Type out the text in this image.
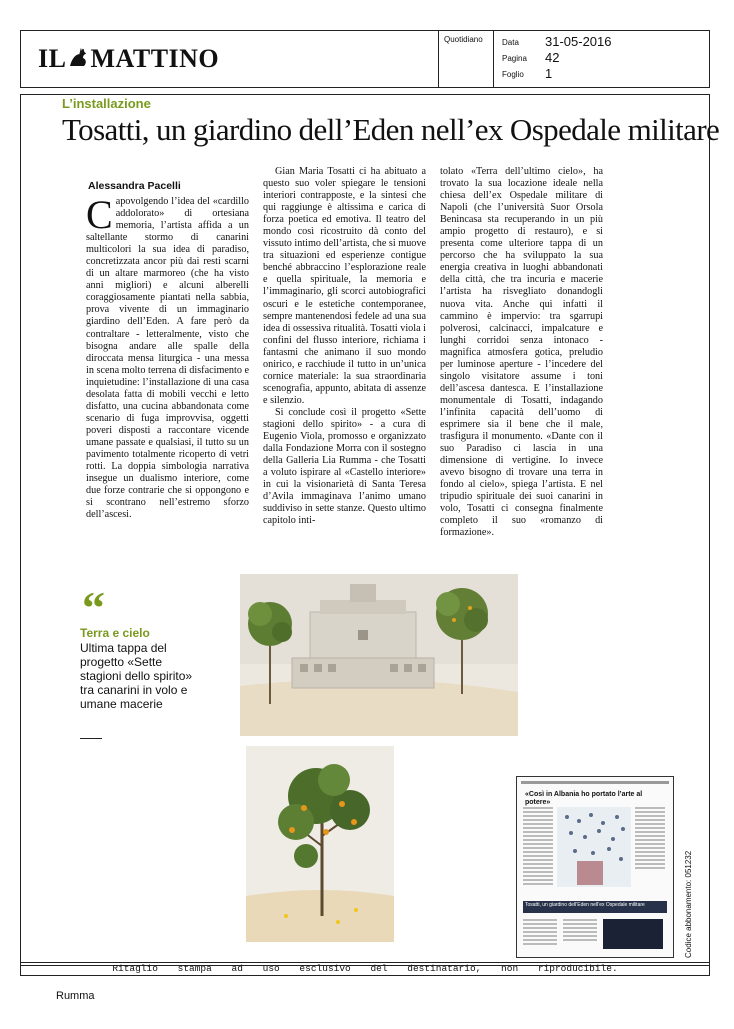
IL MATTINO
Quotidiano Data 31-05-2016
Pagina 42
Foglio 1
L’installazione
Tosatti, un giardino dell’Eden nell’ex Ospedale militare
Alessandra Pacelli

Capovolgendo l’idea del «cardillo addolorato» di ortesiana memoria, l’artista affida a un saltellante stormo di canarini multicolori la sua idea di paradiso, concretizzata ancor più dai resti scarni di un altare marmoreo (che ha visto anni migliori) e alcuni alberelli coraggiosamente piantati nella sabbia, prova vivente di un immaginario giardino dell’Eden. A fare però da contraltare - letteralmente, visto che bisogna andare alle spalle della diroccata mensa liturgica - una messa in scena molto terrena di disfacimento e inquietudine: l’installazione di una casa desolata fatta di mobili vecchi e letto disfatto, una cucina abbandonata come scenario di fuga improvvisa, oggetti poveri disposti a raccontare vicende umane passate e qualsiasi, il tutto su un pavimento totalmente ricoperto di vetri rotti. La doppia simbologia narrativa insegue un dualismo interiore, come due forze contrarie che si oppongono e si scontrano nell’estremo sforzo dell’ascesi.

Gian Maria Tosatti ci ha abituato a questo suo voler spiegare le tensioni interiori contrapposte, e la sintesi che qui raggiunge è altissima e carica di forza poetica ed emotiva. Il teatro del mondo così ricostruito dà conto del vissuto intimo dell’artista, che si muove tra situazioni ed esperienze contigue benché abbraccino l’esplorazione reale e quella spirituale, la memoria e l’immaginario, gli scorci autobiografici oscuri e le estetiche contemporanee, sempre mantenendosi fedele ad una sua idea di ossessiva ritualità. Tosatti viola i confini del flusso interiore, richiama i fantasmi che animano il suo mondo onirico, e racchiude il tutto in un’unica cornice materiale: la sua straordinaria scenografia, appunto, abitata di assenze e silenzio.

Si conclude così il progetto «Sette stagioni dello spirito» - a cura di Eugenio Viola, promosso e organizzato dalla Fondazione Morra con il sostegno della Galleria Lia Rumma - che Tosatti a voluto ispirare al «Castello interiore» in cui la visionarietà di Santa Teresa d’Avila immaginava l’animo umano suddiviso in sette stanze. Questo ultimo capitolo inti-

tolato «Terra dell’ultimo cielo», ha trovato la sua locazione ideale nella chiesa dell’ex Ospedale militare di Napoli (che l’università Suor Orsola Benincasa sta recuperando in un più ampio progetto di restauro), e si presenta come ulteriore tappa di un percorso che ha sviluppato la sua energia creativa in luoghi abbandonati della città, che tra incuria e macerie l’artista ha risvegliato donandogli nuova vita. Anche qui infatti il cammino è impervio: tra sgarrupi polverosi, calcinacci, impalcature e lunghi corridoi senza intonaco - magnifica atmosfera gotica, preludio per luminose aperture - l’incedere del singolo visitatore assume i toni dell’ascesa dantesca. E l’installazione monumentale di Tosatti, indagando l’infinita capacità dell’uomo di esprimere sia il bene che il male, trasfigura il monumento. «Dante con il suo Paradiso ci lascia in una dimensione di vertigine. Io invece avevo bisogno di trovare una terra in fondo al cielo», spiega l’artista. E nel tripudio spirituale dei suoi canarini in volo, Tosatti ci consegna finalmente completo il suo «romanzo di formazione».

“
Terra e cielo
Ultima tappa del progetto «Sette stagioni dello spirito» tra canarini in volo e umane macerie
«Così in Albania ho portato l’arte al potere»
Tosatti, un giardino dell’Eden nell’ex Ospedale militare	Codice abbonamento: 051232
Ritaglio stampa ad uso esclusivo del destinatario, non riproducibile.
Rumma
